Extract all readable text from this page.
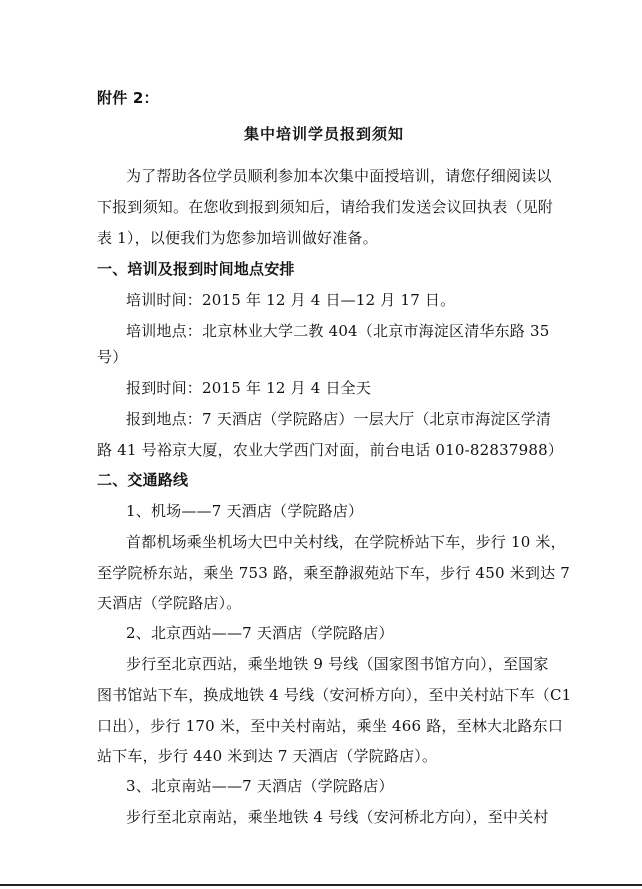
附件 2：
集中培训学员报到须知
为了帮助各位学员顺利参加本次集中面授培训，请您仔细阅读以
下报到须知。在您收到报到须知后，请给我们发送会议回执表（见附
表 1），以便我们为您参加培训做好准备。
一、培训及报到时间地点安排
培训时间：2015 年 12 月 4 日—12 月 17 日。
培训地点：北京林业大学二教 404（北京市海淀区清华东路 35
号）
报到时间：2015 年 12 月 4 日全天
报到地点：7 天酒店（学院路店）一层大厅（北京市海淀区学清
路 41 号裕京大厦，农业大学西门对面，前台电话 010-82837988）
二、交通路线
1、机场——7 天酒店（学院路店）
首都机场乘坐机场大巴中关村线，在学院桥站下车，步行 10 米，
至学院桥东站，乘坐 753 路，乘至静淑苑站下车，步行 450 米到达 7
天酒店（学院路店）。
2、北京西站——7 天酒店（学院路店）
步行至北京西站，乘坐地铁 9 号线（国家图书馆方向），至国家
图书馆站下车，换成地铁 4 号线（安河桥方向），至中关村站下车（C1
口出），步行 170 米，至中关村南站，乘坐 466 路，至林大北路东口
站下车，步行 440 米到达 7 天酒店（学院路店）。
3、北京南站——7 天酒店（学院路店）
步行至北京南站，乘坐地铁 4 号线（安河桥北方向），至中关村
